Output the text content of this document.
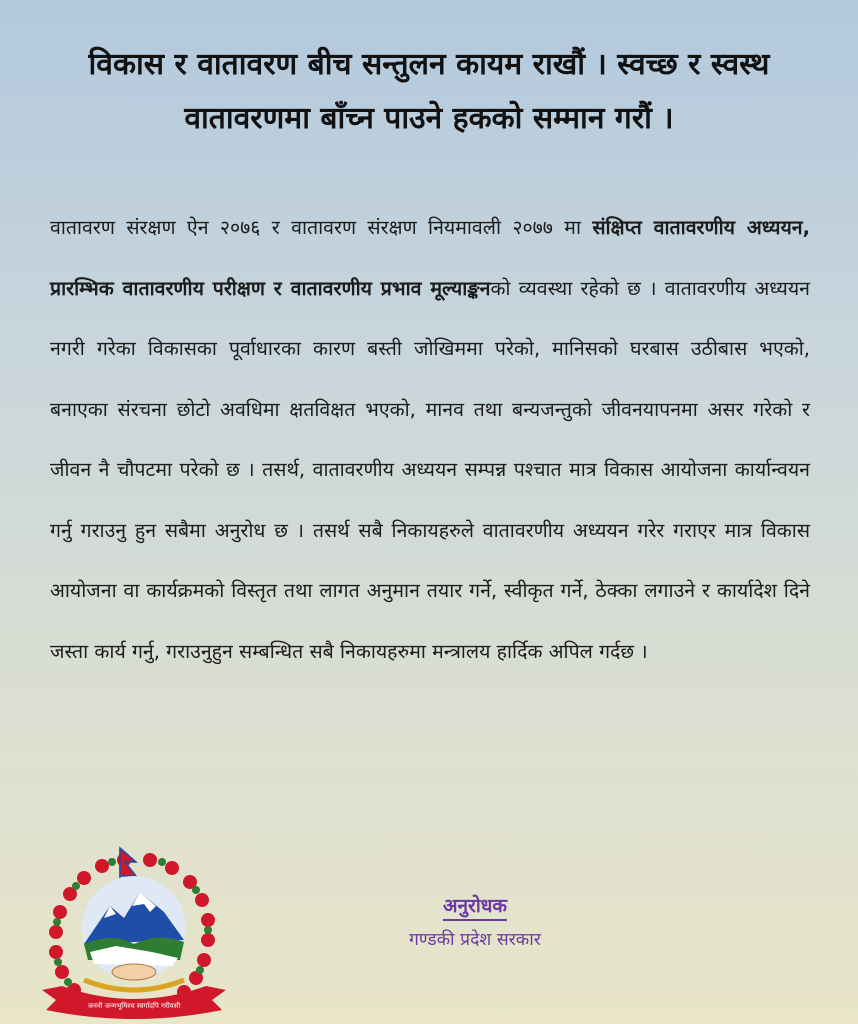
विकास र वातावरण बीच सन्तुलन कायम राखौं । स्वच्छ र स्वस्थ
वातावरणमा बाँच्न पाउने हकको सम्मान गरौं ।
वातावरण संरक्षण ऐन २०७६ र वातावरण संरक्षण नियमावली २०७७ मा संक्षिप्त वातावरणीय अध्ययन, प्रारम्भिक वातावरणीय परीक्षण र वातावरणीय प्रभाव मूल्याङ्कनको व्यवस्था रहेको छ । वातावरणीय अध्ययन नगरी गरेका विकासका पूर्वाधारका कारण बस्ती जोखिममा परेको, मानिसको घरबास उठीबास भएको, बनाएका संरचना छोटो अवधिमा क्षतविक्षत भएको, मानव तथा बन्यजन्तुको जीवनयापनमा असर गरेको र जीवन नै चौपटमा परेको छ । तसर्थ, वातावरणीय अध्ययन सम्पन्न पश्चात मात्र विकास आयोजना कार्यान्वयन गर्नु गराउनु हुन सबैमा अनुरोध छ । तसर्थ सबै निकायहरुले वातावरणीय अध्ययन गरेर गराएर मात्र विकास आयोजना वा कार्यक्रमको विस्तृत तथा लागत अनुमान तयार गर्ने, स्वीकृत गर्ने, ठेक्का लगाउने र कार्यादेश दिने जस्ता कार्य गर्नु, गराउनुहुन सम्बन्धित सबै निकायहरुमा मन्त्रालय हार्दिक अपिल गर्दछ ।
जननी जन्मभूमिश्च स्वर्गादपि गरीयसी
अनुरोधक
गण्डकी प्रदेश सरकार
